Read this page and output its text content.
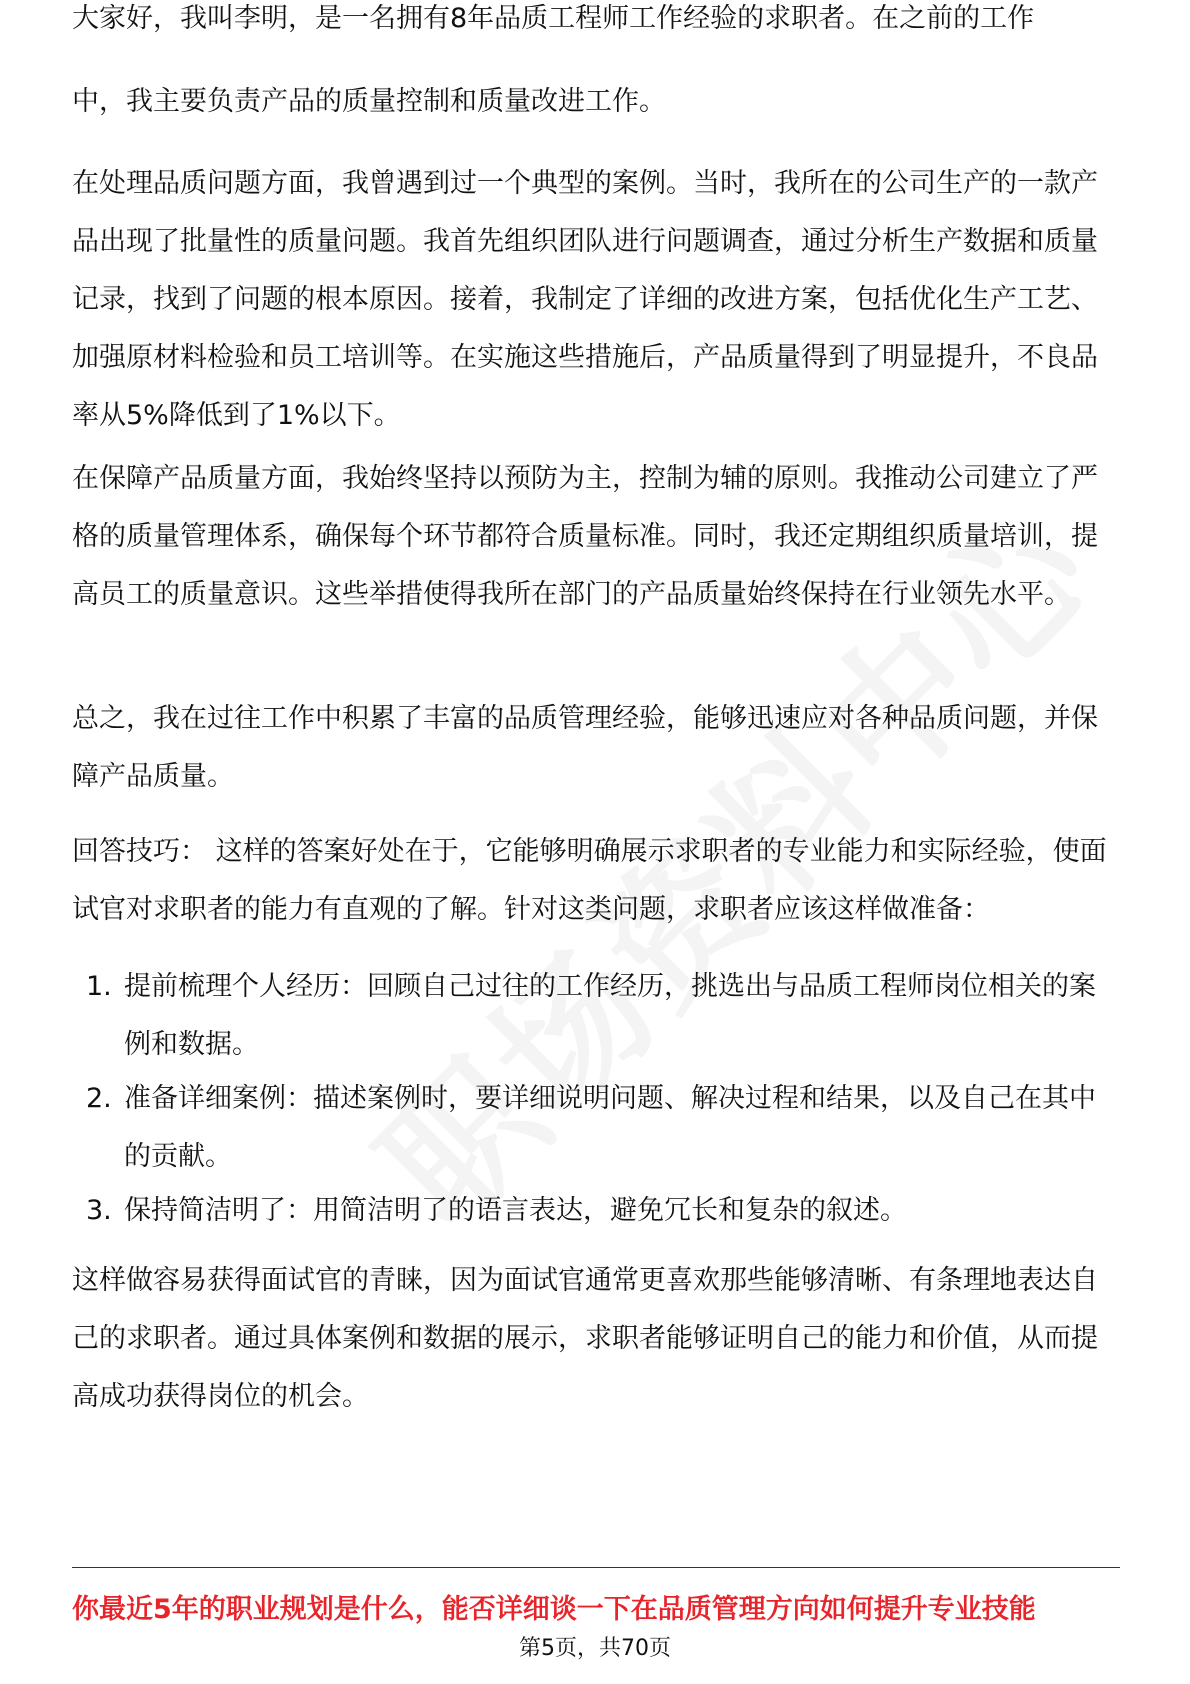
大家好，我叫李明，是一名拥有8年品质工程师工作经验的求职者。在之前的工作

中，我主要负责产品的质量控制和质量改进工作。

在处理品质问题方面，我曾遇到过一个典型的案例。当时，我所在的公司生产的一款产品出现了批量性的质量问题。我首先组织团队进行问题调查，通过分析生产数据和质量记录，找到了问题的根本原因。接着，我制定了详细的改进方案，包括优化生产工艺、加强原材料检验和员工培训等。在实施这些措施后，产品质量得到了明显提升，不良品率从5%降低到了1%以下。

在保障产品质量方面，我始终坚持以预防为主，控制为辅的原则。我推动公司建立了严格的质量管理体系，确保每个环节都符合质量标准。同时，我还定期组织质量培训，提高员工的质量意识。这些举措使得我所在部门的产品质量始终保持在行业领先水平。

总之，我在过往工作中积累了丰富的品质管理经验，能够迅速应对各种品质问题，并保障产品质量。

回答技巧： 这样的答案好处在于，它能够明确展示求职者的专业能力和实际经验，使面试官对求职者的能力有直观的了解。针对这类问题，求职者应该这样做准备：

1. 提前梳理个人经历：回顾自己过往的工作经历，挑选出与品质工程师岗位相关的案例和数据。
2. 准备详细案例：描述案例时，要详细说明问题、解决过程和结果，以及自己在其中的贡献。
3. 保持简洁明了：用简洁明了的语言表达，避免冗长和复杂的叙述。

这样做容易获得面试官的青睐，因为面试官通常更喜欢那些能够清晰、有条理地表达自己的求职者。通过具体案例和数据的展示，求职者能够证明自己的能力和价值，从而提高成功获得岗位的机会。

你最近5年的职业规划是什么，能否详细谈一下在品质管理方向如何提升专业技能
第5页，共70页
